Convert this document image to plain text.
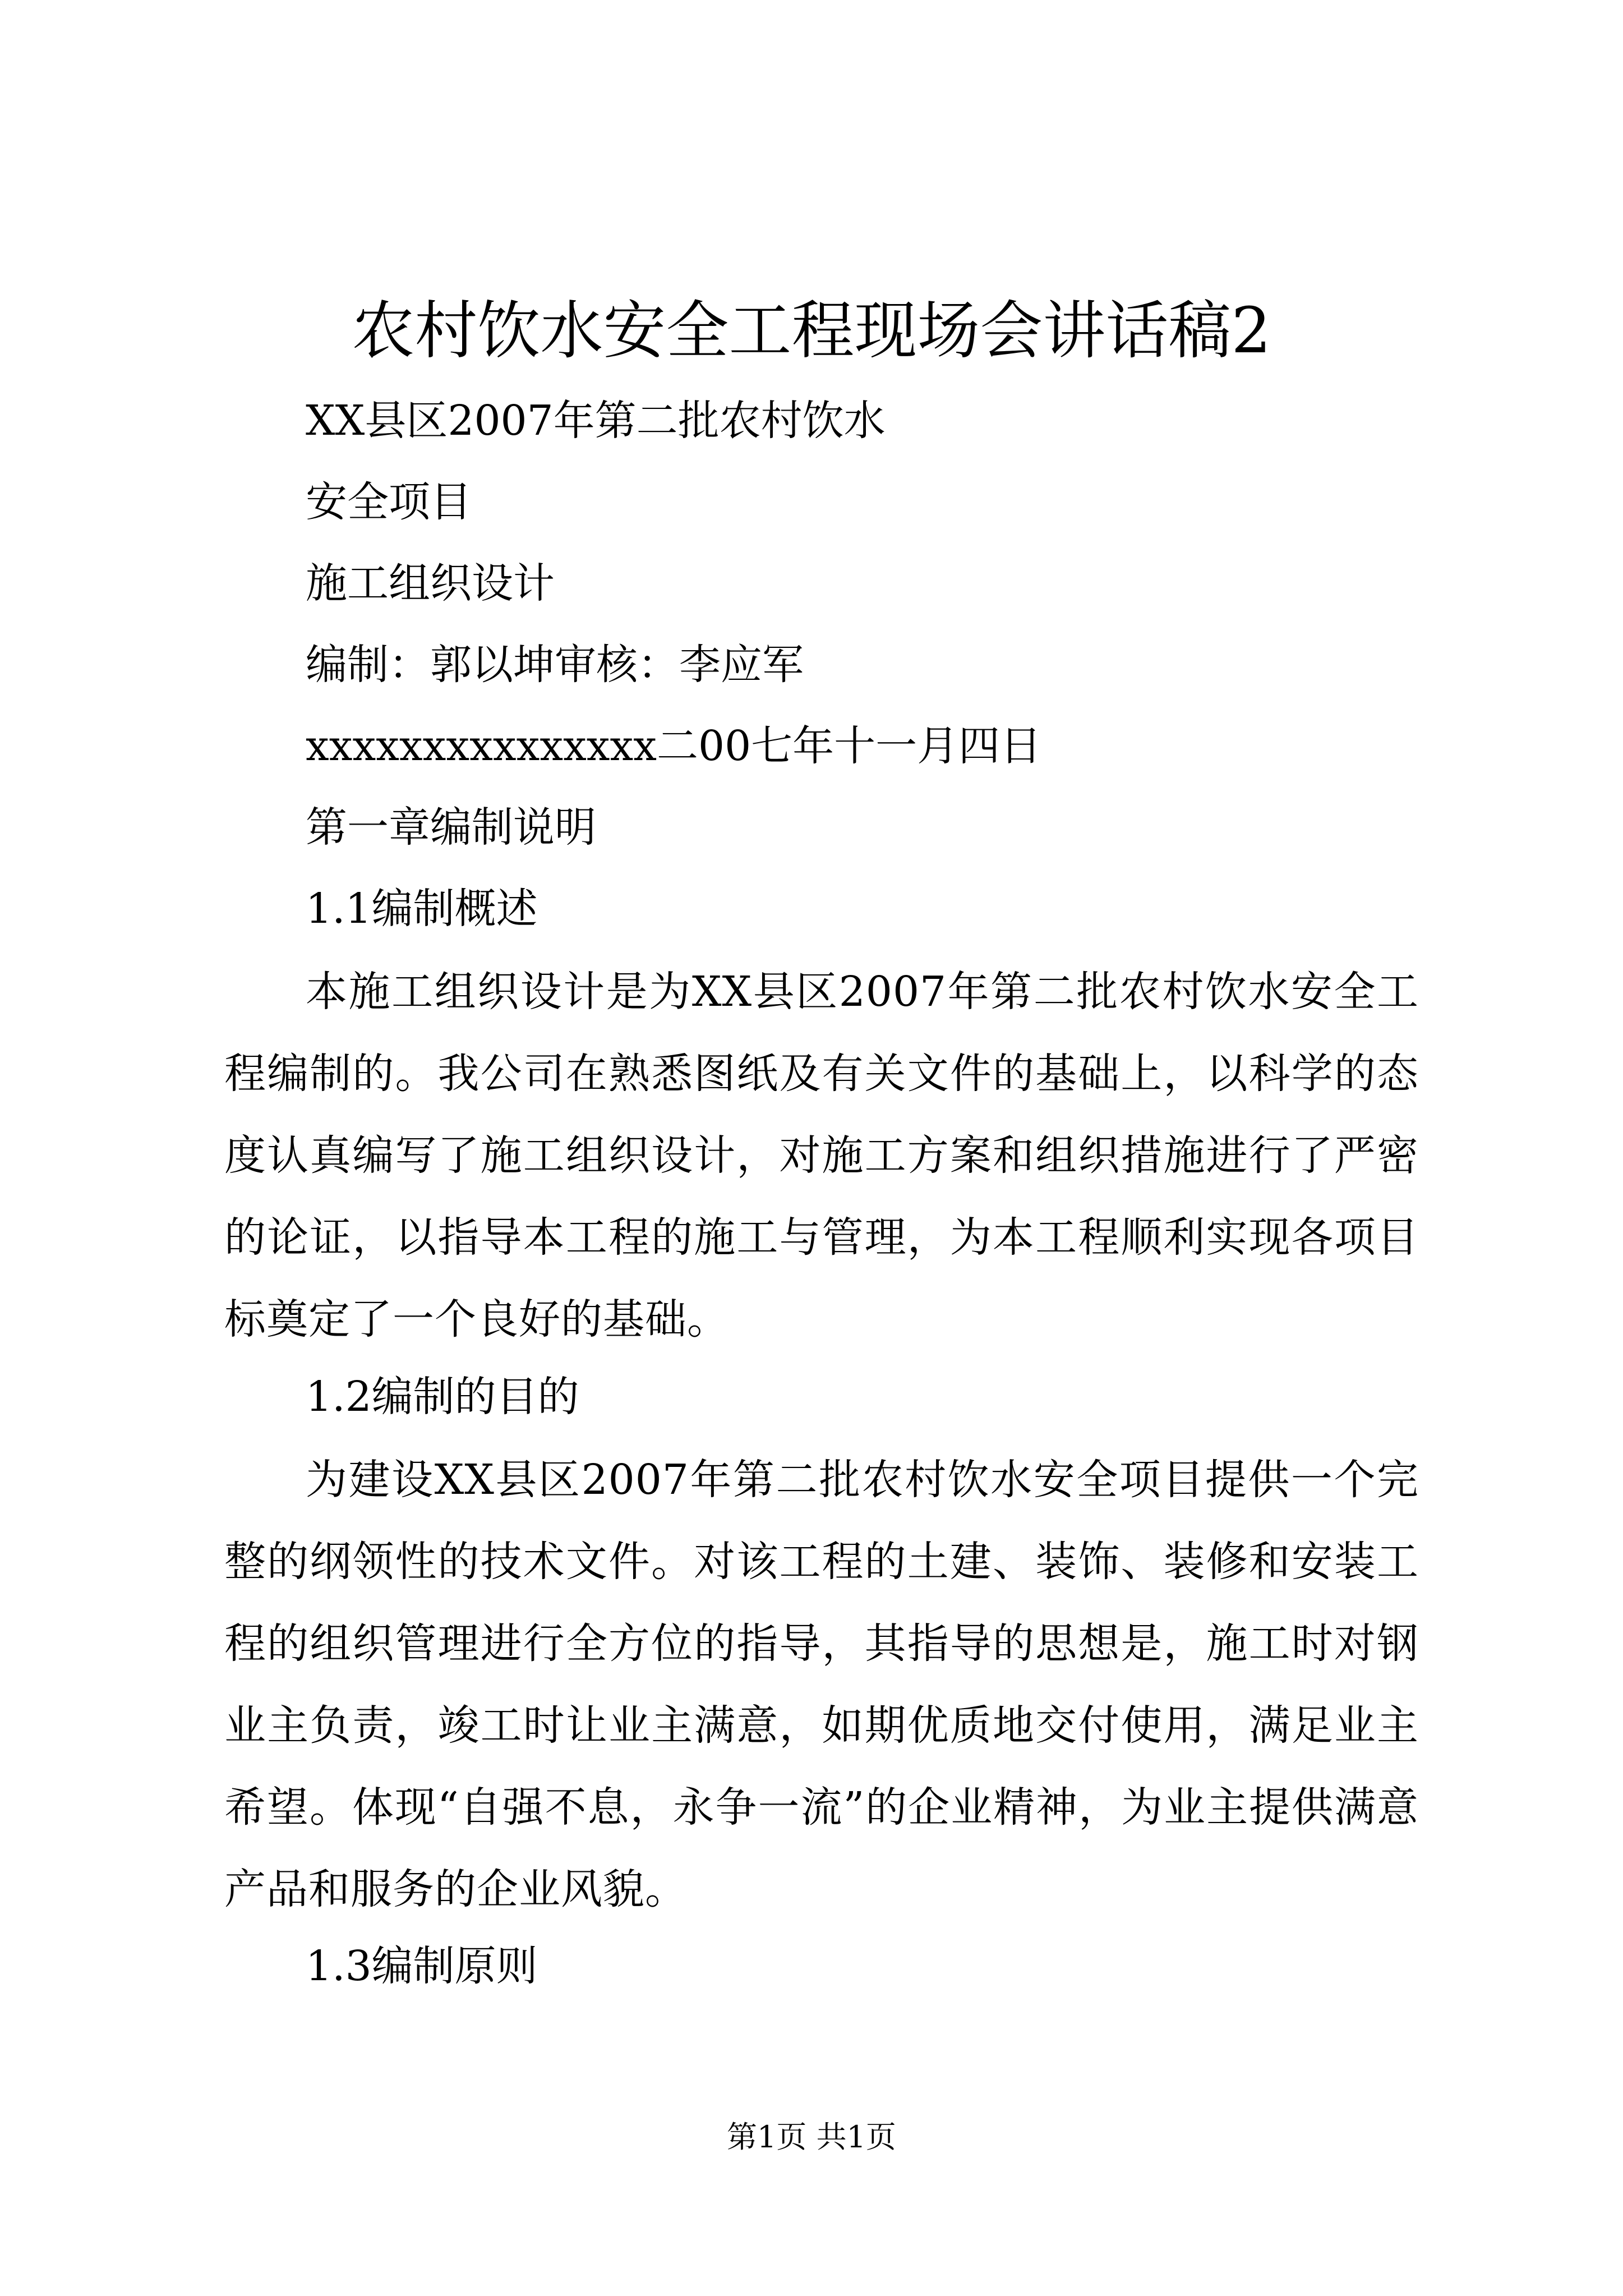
农村饮水安全工程现场会讲话稿2
XX县区2007年第二批农村饮水
安全项目
施工组织设计
编制：郭以坤审核：李应军
xxxxxxxxxxxxxxx二00七年十一月四日
第一章编制说明
1.1编制概述
本施工组织设计是为XX县区2007年第二批农村饮水安全工程编制的。我公司在熟悉图纸及有关文件的基础上，以科学的态度认真编写了施工组织设计，对施工方案和组织措施进行了严密的论证，以指导本工程的施工与管理，为本工程顺利实现各项目标奠定了一个良好的基础。
1.2编制的目的
为建设XX县区2007年第二批农村饮水安全项目提供一个完整的纲领性的技术文件。对该工程的土建、装饰、装修和安装工程的组织管理进行全方位的指导，其指导的思想是，施工时对钢业主负责，竣工时让业主满意，如期优质地交付使用，满足业主希望。体现“自强不息，永争一流”的企业精神，为业主提供满意产品和服务的企业风貌。
1.3编制原则
第1页 共1页
